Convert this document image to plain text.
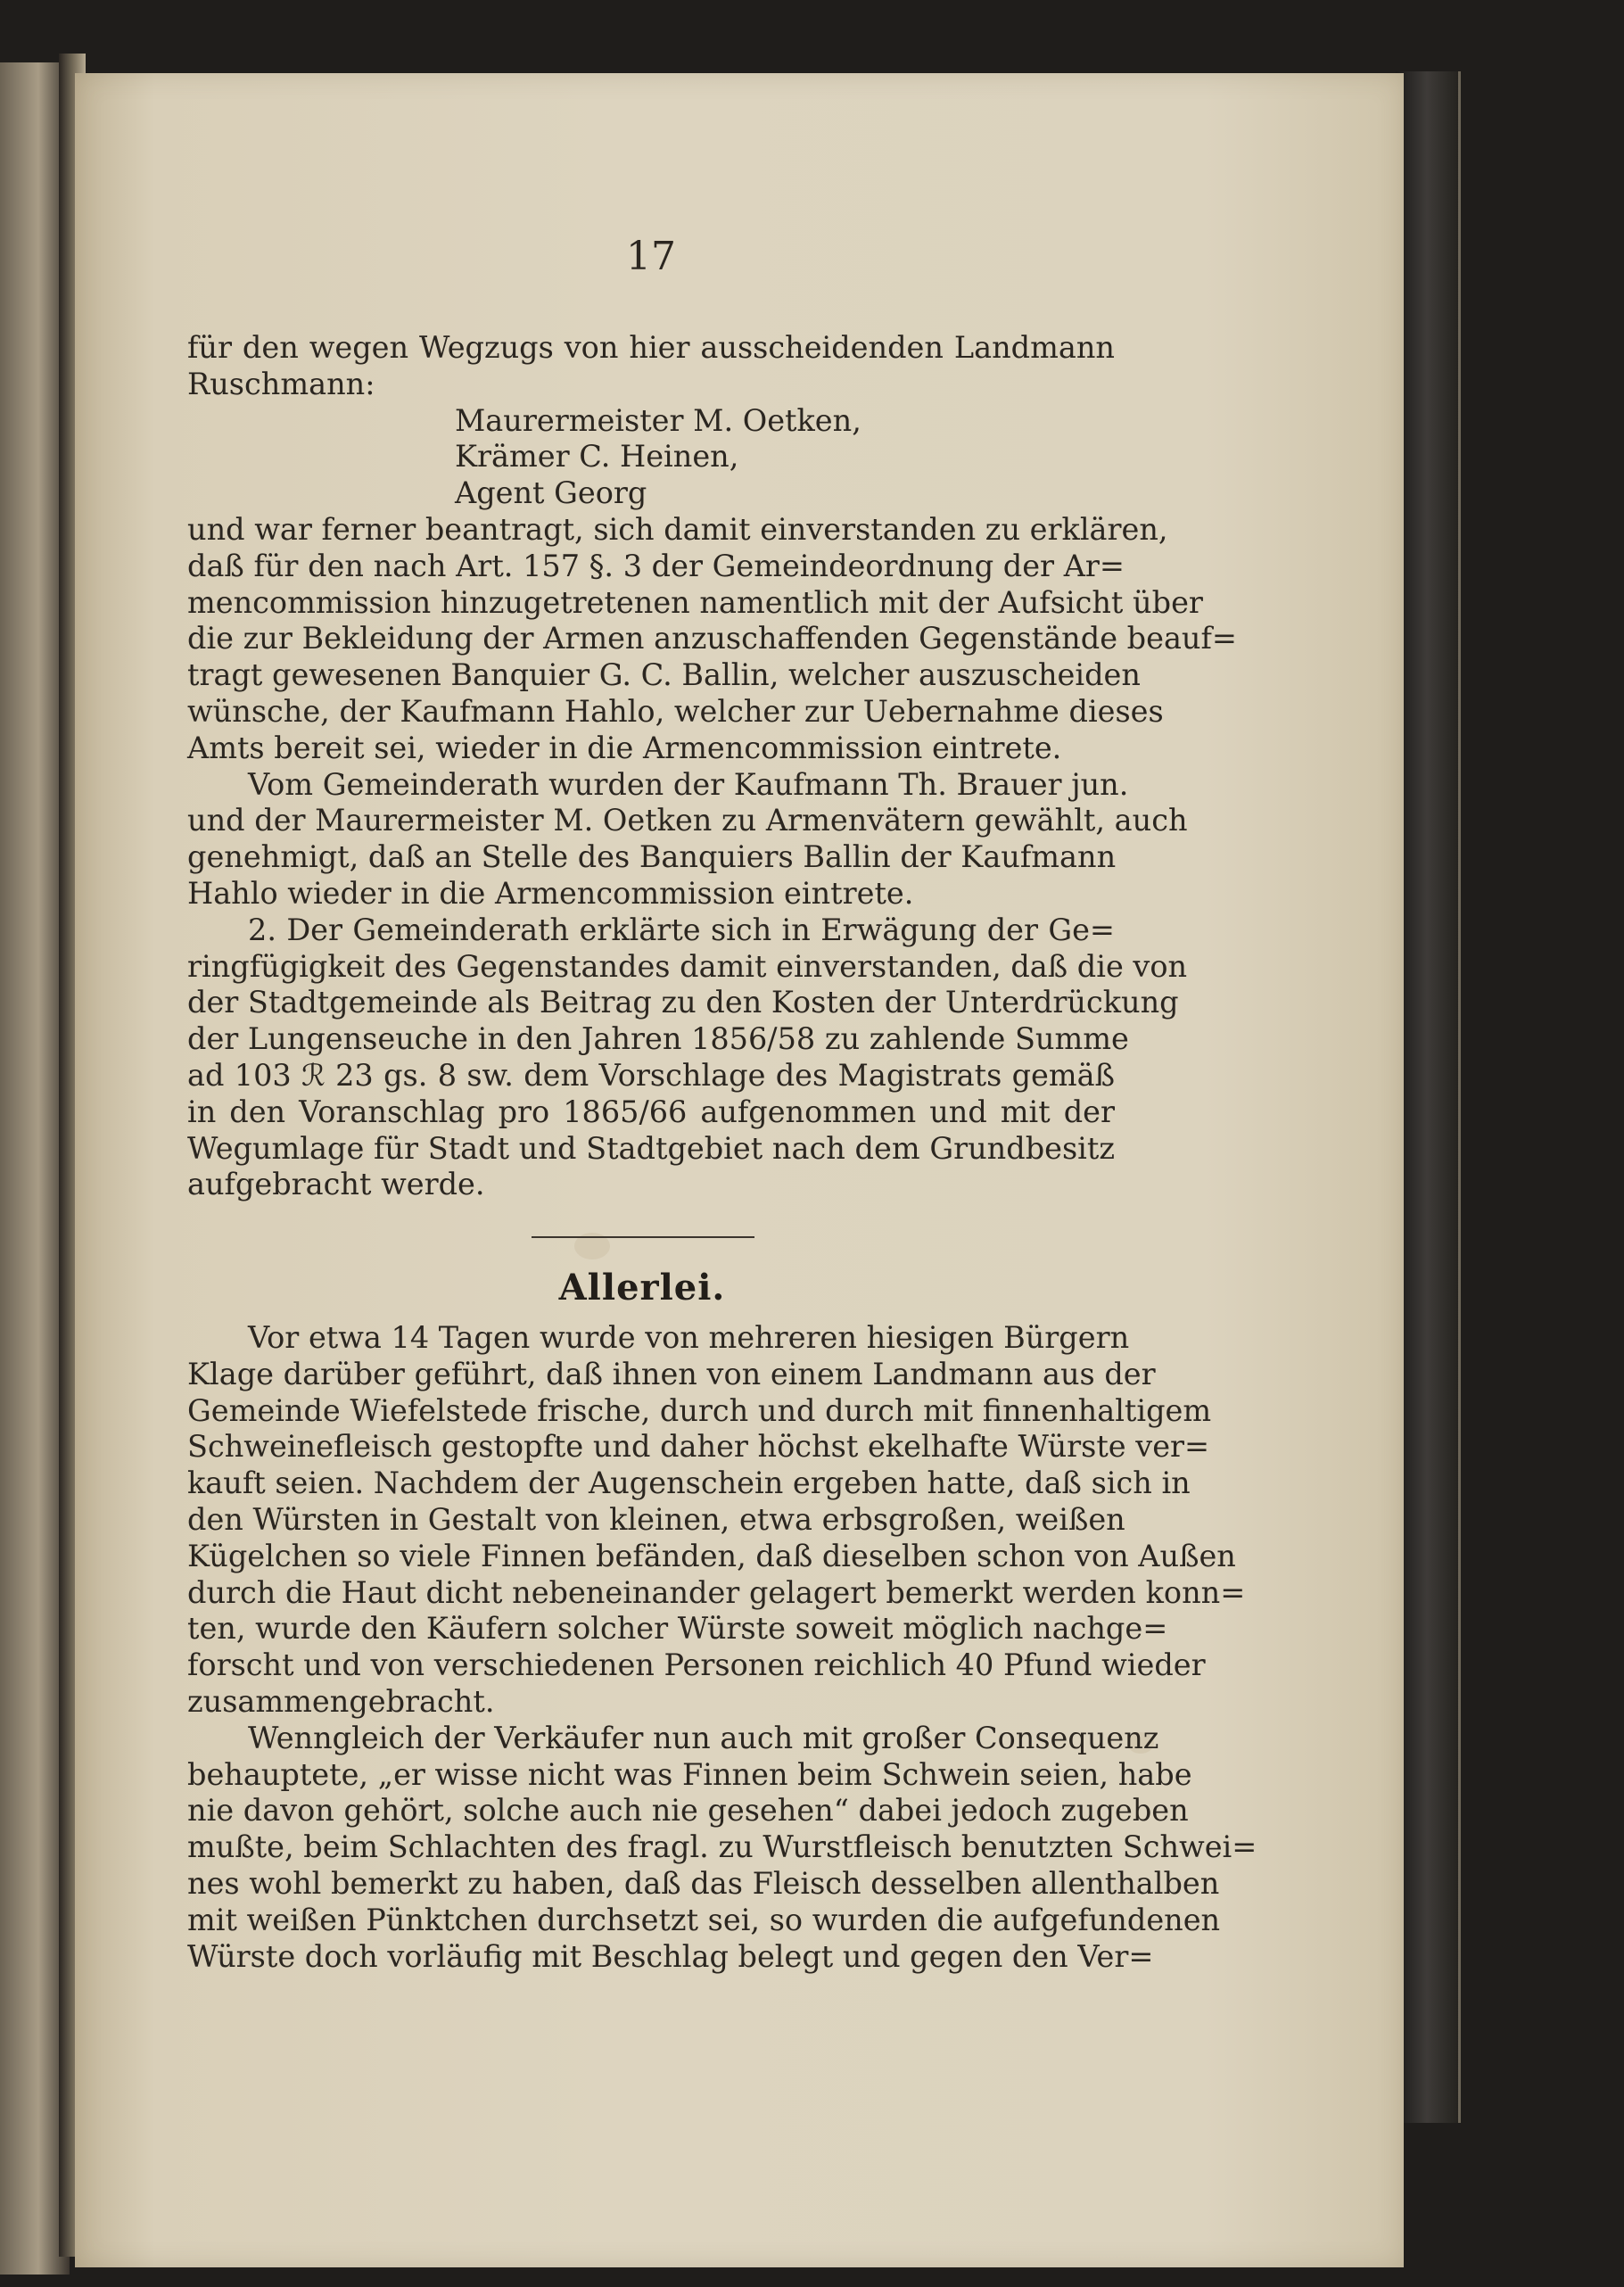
17
für den wegen Wegzugs von hier ausscheidenden Landmann
Ruschmann:
Maurermeister M. Oetken,
Krämer C. Heinen,
Agent Georg
und war ferner beantragt, sich damit einverstanden zu erklären,
daß für den nach Art. 157 §. 3 der Gemeindeordnung der Ar=
mencommission hinzugetretenen namentlich mit der Aufsicht über
die zur Bekleidung der Armen anzuschaffenden Gegenstände beauf=
tragt gewesenen Banquier G. C. Ballin, welcher auszuscheiden
wünsche, der Kaufmann Hahlo, welcher zur Uebernahme dieses
Amts bereit sei, wieder in die Armencommission eintrete.
Vom Gemeinderath wurden der Kaufmann Th. Brauer jun.
und der Maurermeister M. Oetken zu Armenvätern gewählt, auch
genehmigt, daß an Stelle des Banquiers Ballin der Kaufmann
Hahlo wieder in die Armencommission eintrete.
2. Der Gemeinderath erklärte sich in Erwägung der Ge=
ringfügigkeit des Gegenstandes damit einverstanden, daß die von
der Stadtgemeinde als Beitrag zu den Kosten der Unterdrückung
der Lungenseuche in den Jahren 1856/58 zu zahlende Summe
ad 103 ℛ 23 gs. 8 sw. dem Vorschlage des Magistrats gemäß
in den Voranschlag pro 1865/66 aufgenommen und mit der
Wegumlage für Stadt und Stadtgebiet nach dem Grundbesitz
aufgebracht werde.
Allerlei.
Vor etwa 14 Tagen wurde von mehreren hiesigen Bürgern
Klage darüber geführt, daß ihnen von einem Landmann aus der
Gemeinde Wiefelstede frische, durch und durch mit finnenhaltigem
Schweinefleisch gestopfte und daher höchst ekelhafte Würste ver=
kauft seien. Nachdem der Augenschein ergeben hatte, daß sich in
den Würsten in Gestalt von kleinen, etwa erbsgroßen, weißen
Kügelchen so viele Finnen befänden, daß dieselben schon von Außen
durch die Haut dicht nebeneinander gelagert bemerkt werden konn=
ten, wurde den Käufern solcher Würste soweit möglich nachge=
forscht und von verschiedenen Personen reichlich 40 Pfund wieder
zusammengebracht.
Wenngleich der Verkäufer nun auch mit großer Consequenz
behauptete, „er wisse nicht was Finnen beim Schwein seien, habe
nie davon gehört, solche auch nie gesehen“ dabei jedoch zugeben
mußte, beim Schlachten des fragl. zu Wurstfleisch benutzten Schwei=
nes wohl bemerkt zu haben, daß das Fleisch desselben allenthalben
mit weißen Pünktchen durchsetzt sei, so wurden die aufgefundenen
Würste doch vorläufig mit Beschlag belegt und gegen den Ver=
